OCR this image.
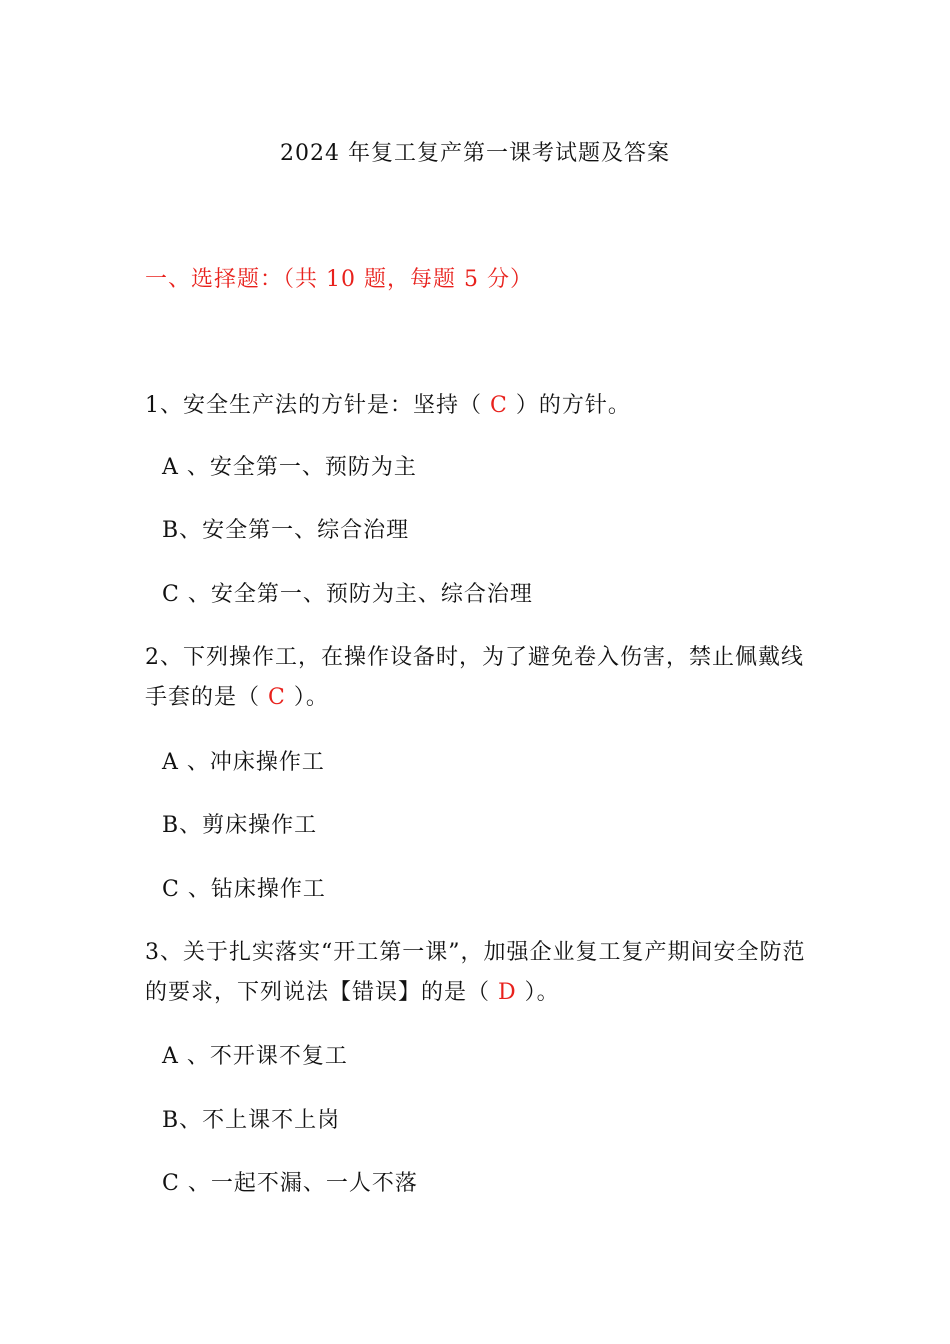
2024 年复工复产第一课考试题及答案
一、选择题：（共 10 题，每题 5 分）
1、安全生产法的方针是：坚持（ C ）的方针。
A 、安全第一、预防为主
B、安全第一、综合治理
C 、安全第一、预防为主、综合治理
2、下列操作工，在操作设备时，为了避免卷入伤害，禁止佩戴线手套的是（ C ）。
A 、冲床操作工
B、剪床操作工
C 、钻床操作工
3、关于扎实落实“开工第一课”，加强企业复工复产期间安全防范的要求，下列说法【错误】的是（ D ）。
A 、不开课不复工
B、不上课不上岗
C 、一起不漏、一人不落
